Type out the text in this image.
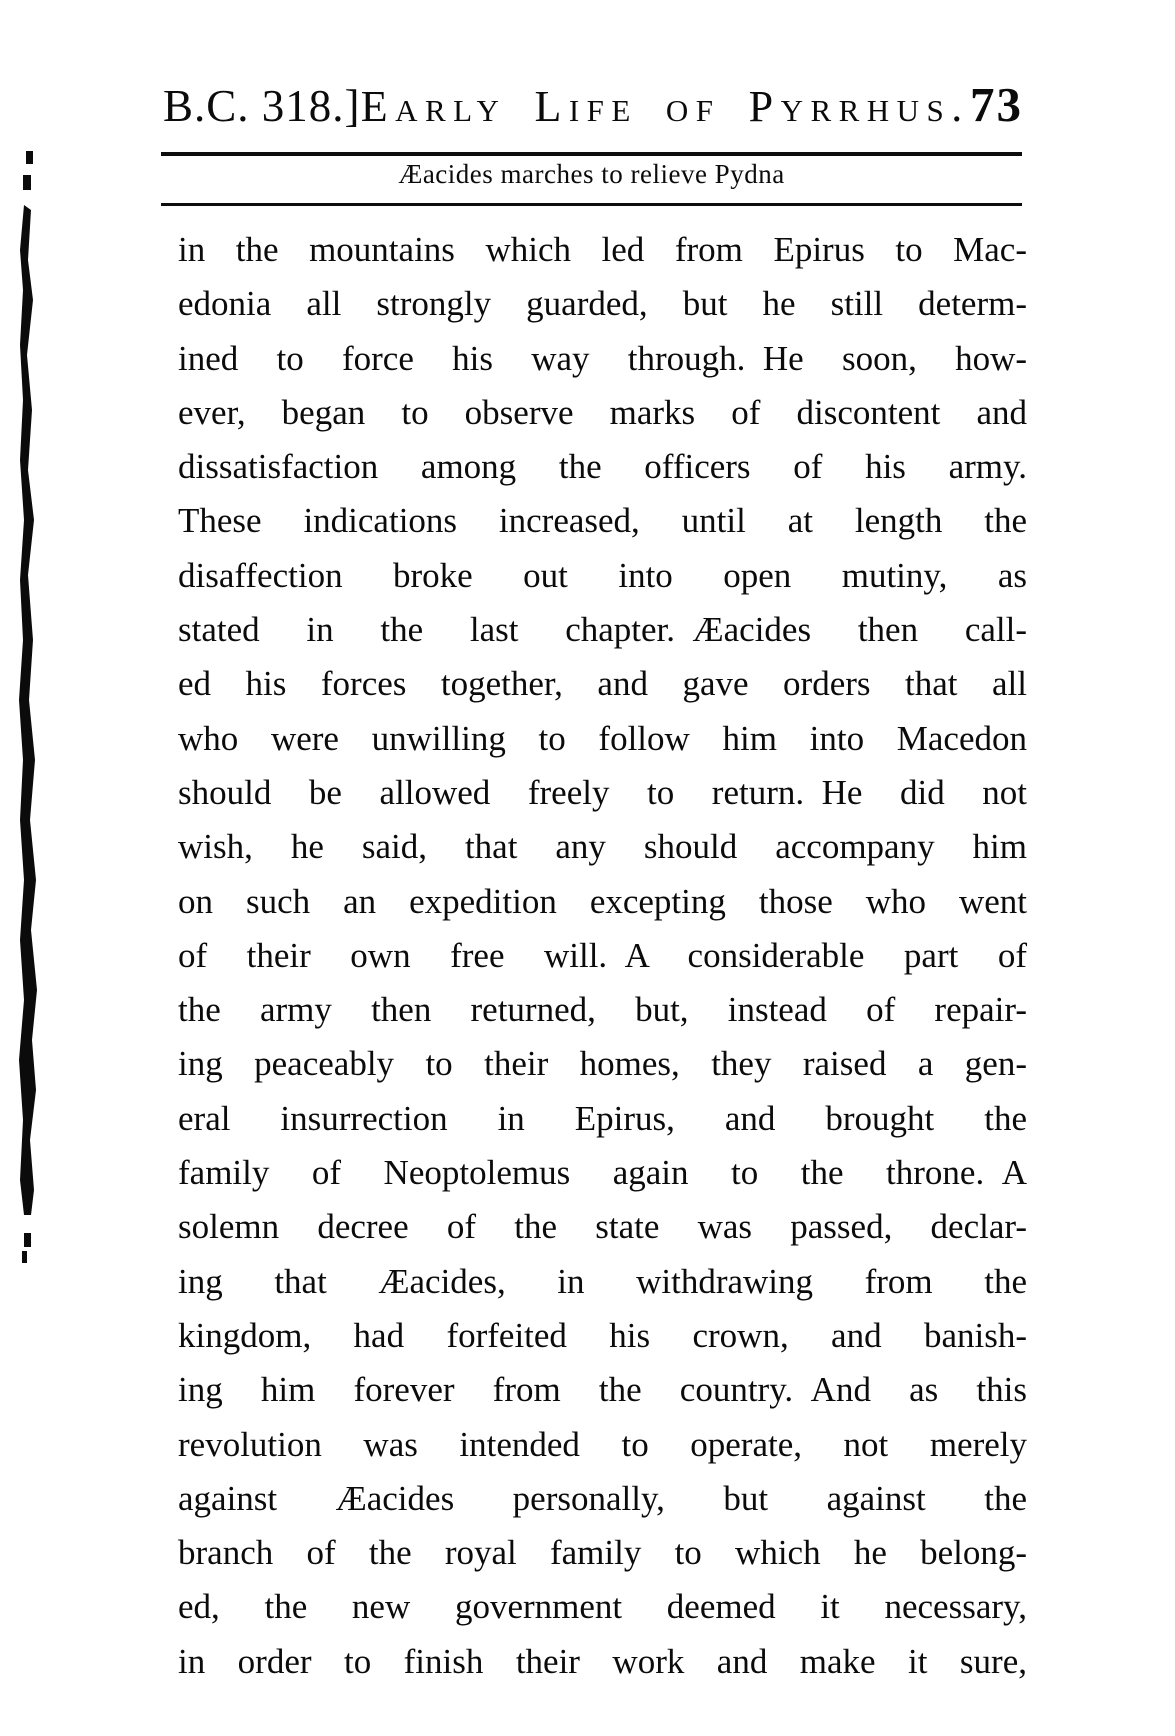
B.C. 318.] Early Life of Pyrrhus. 73
Æacides marches to relieve Pydna
in the mountains which led from Epirus to Mac-
edonia all strongly guarded, but he still determ-
ined to force his way through. He soon, how-
ever, began to observe marks of discontent and
dissatisfaction among the officers of his army.
These indications increased, until at length the
disaffection broke out into open mutiny, as
stated in the last chapter. Æacides then call-
ed his forces together, and gave orders that all
who were unwilling to follow him into Macedon
should be allowed freely to return. He did not
wish, he said, that any should accompany him
on such an expedition excepting those who went
of their own free will. A considerable part of
the army then returned, but, instead of repair-
ing peaceably to their homes, they raised a gen-
eral insurrection in Epirus, and brought the
family of Neoptolemus again to the throne. A
solemn decree of the state was passed, declar-
ing that Æacides, in withdrawing from the
kingdom, had forfeited his crown, and banish-
ing him forever from the country. And as this
revolution was intended to operate, not merely
against Æacides personally, but against the
branch of the royal family to which he belong-
ed, the new government deemed it necessary,
in order to finish their work and make it sure,
